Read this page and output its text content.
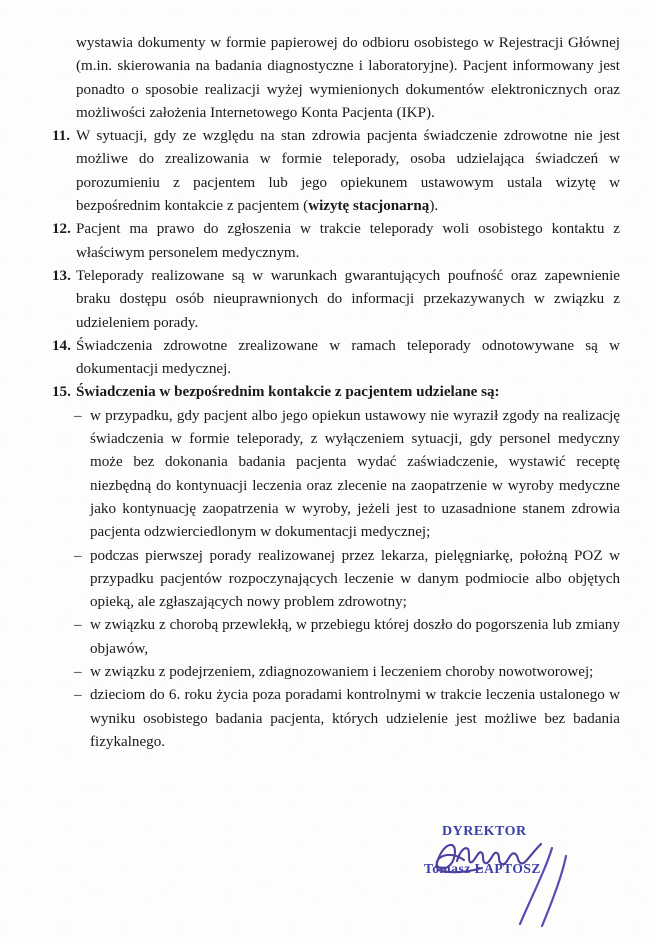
wystawia dokumenty w formie papierowej do odbioru osobistego w Rejestracji Głównej (m.in. skierowania na badania diagnostyczne i laboratoryjne). Pacjent informowany jest ponadto o sposobie realizacji wyżej wymienionych dokumentów elektronicznych oraz możliwości założenia Internetowego Konta Pacjenta (IKP).

11. W sytuacji, gdy ze względu na stan zdrowia pacjenta świadczenie zdrowotne nie jest możliwe do zrealizowania w formie teleporady, osoba udzielająca świadczeń w porozumieniu z pacjentem lub jego opiekunem ustawowym ustala wizytę w bezpośrednim kontakcie z pacjentem (wizytę stacjonarną).
12. Pacjent ma prawo do zgłoszenia w trakcie teleporady woli osobistego kontaktu z właściwym personelem medycznym.
13. Teleporady realizowane są w warunkach gwarantujących poufność oraz zapewnienie braku dostępu osób nieuprawnionych do informacji przekazywanych w związku z udzieleniem porady.
14. Świadczenia zdrowotne zrealizowane w ramach teleporady odnotowywane są w dokumentacji medycznej.
15. Świadczenia w bezpośrednim kontakcie z pacjentem udzielane są:
– w przypadku, gdy pacjent albo jego opiekun ustawowy nie wyraził zgody na realizację świadczenia w formie teleporady, z wyłączeniem sytuacji, gdy personel medyczny może bez dokonania badania pacjenta wydać zaświadczenie, wystawić receptę niezbędną do kontynuacji leczenia oraz zlecenie na zaopatrzenie w wyroby medyczne jako kontynuację zaopatrzenia w wyroby, jeżeli jest to uzasadnione stanem zdrowia pacjenta odzwierciedlonym w dokumentacji medycznej;
– podczas pierwszej porady realizowanej przez lekarza, pielęgniarkę, położną POZ w przypadku pacjentów rozpoczynających leczenie w danym podmiocie albo objętych opieką, ale zgłaszających nowy problem zdrowotny;
– w związku z chorobą przewlekłą, w przebiegu której doszło do pogorszenia lub zmiany objawów,
– w związku z podejrzeniem, zdiagnozowaniem i leczeniem choroby nowotworowej;
– dzieciom do 6. roku życia poza poradami kontrolnymi w trakcie leczenia ustalonego w wyniku osobistego badania pacjenta, których udzielenie jest możliwe bez badania fizykalnego.
DYREKTOR
Tomasz ŁAPTOSZ
